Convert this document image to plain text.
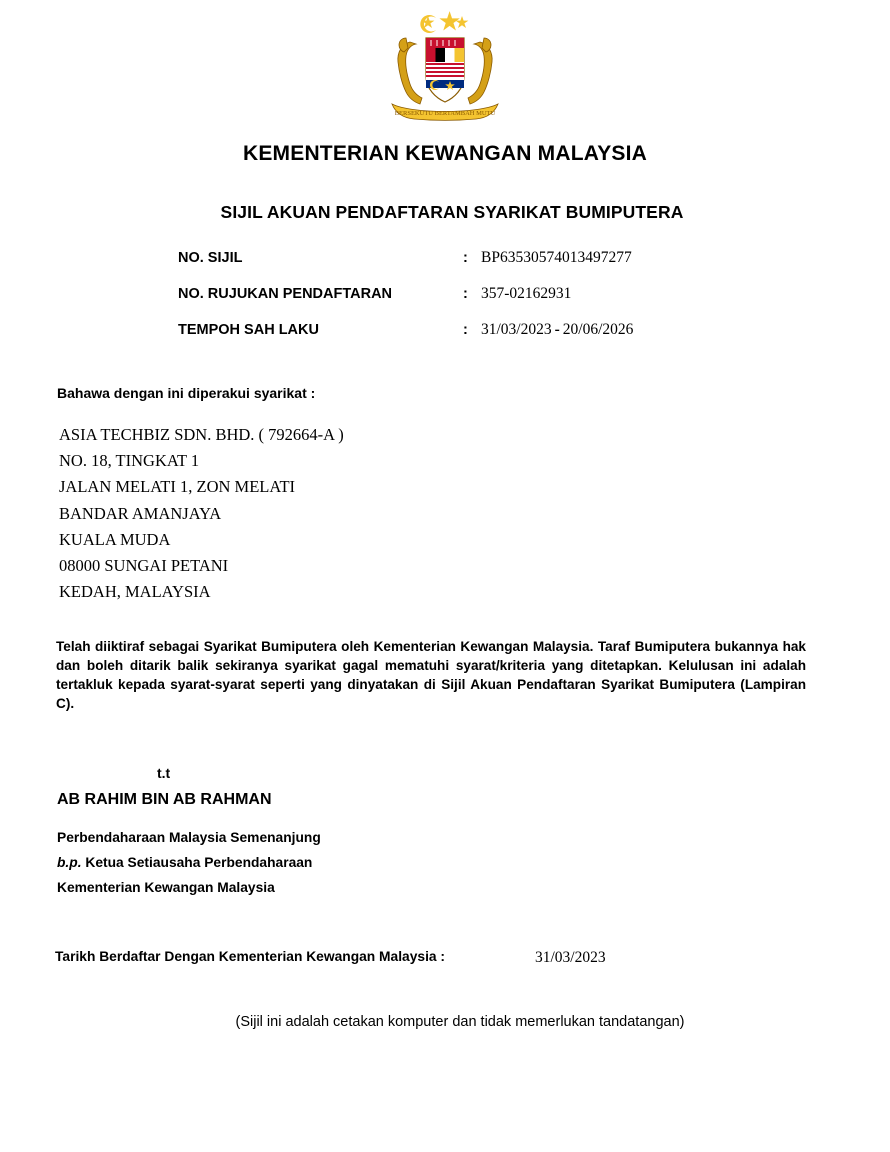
BERSEKUTU BERTAMBAH MUTU
KEMENTERIAN KEWANGAN MALAYSIA
SIJIL AKUAN PENDAFTARAN SYARIKAT BUMIPUTERA
NO. SIJIL	: BP63530574013497277
NO. RUJUKAN PENDAFTARAN	: 357-02162931
TEMPOH SAH LAKU	: 31/03/2023 - 20/06/2026
Bahawa dengan ini diperakui syarikat :
ASIA TECHBIZ SDN. BHD. ( 792664-A )
NO. 18, TINGKAT 1
JALAN MELATI 1, ZON MELATI
BANDAR AMANJAYA
KUALA MUDA
08000 SUNGAI PETANI
KEDAH, MALAYSIA
Telah diiktiraf sebagai Syarikat Bumiputera oleh Kementerian Kewangan Malaysia. Taraf Bumiputera bukannya hak dan boleh ditarik balik sekiranya syarikat gagal mematuhi syarat/kriteria yang ditetapkan. Kelulusan ini adalah tertakluk kepada syarat-syarat seperti yang dinyatakan di Sijil Akuan Pendaftaran Syarikat Bumiputera (Lampiran C).
t.t
AB RAHIM BIN AB RAHMAN
Perbendaharaan Malaysia Semenanjung
b.p. Ketua Setiausaha Perbendaharaan
Kementerian Kewangan Malaysia
Tarikh Berdaftar Dengan Kementerian Kewangan Malaysia :	31/03/2023
(Sijil ini adalah cetakan komputer dan tidak memerlukan tandatangan)
